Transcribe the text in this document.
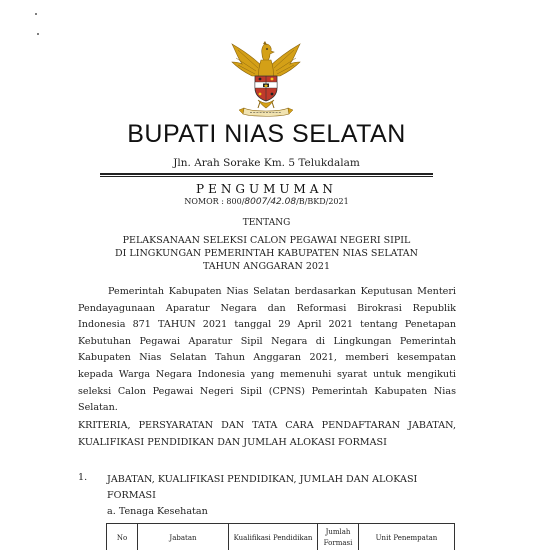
BUPATI NIAS SELATAN
Jln. Arah Sorake Km. 5 Telukdalam
PENGUMUMAN
NOMOR : 800/8007/42.08/B/BKD/2021
TENTANG
PELAKSANAAN SELEKSI CALON PEGAWAI NEGERI SIPIL
DI LINGKUNGAN PEMERINTAH KABUPATEN NIAS SELATAN
TAHUN ANGGARAN 2021
Pemerintah Kabupaten Nias Selatan berdasarkan Keputusan Menteri Pendayagunaan Aparatur Negara dan Reformasi Birokrasi Republik Indonesia 871 TAHUN 2021 tanggal 29 April 2021 tentang Penetapan Kebutuhan Pegawai Aparatur Sipil Negara di Lingkungan Pemerintah Kabupaten Nias Selatan Tahun Anggaran 2021, memberi kesempatan kepada Warga Negara Indonesia yang memenuhi syarat untuk mengikuti seleksi Calon Pegawai Negeri Sipil (CPNS) Pemerintah Kabupaten Nias Selatan.
KRITERIA, PERSYARATAN DAN TATA CARA PENDAFTARAN JABATAN, KUALIFIKASI PENDIDIKAN DAN JUMLAH ALOKASI FORMASI
1. JABATAN, KUALIFIKASI PENDIDIKAN, JUMLAH DAN ALOKASI FORMASI
a. Tenaga Kesehatan
No	Jabatan	Kualifikasi Pendidikan	Jumlah Formasi	Unit Penempatan
